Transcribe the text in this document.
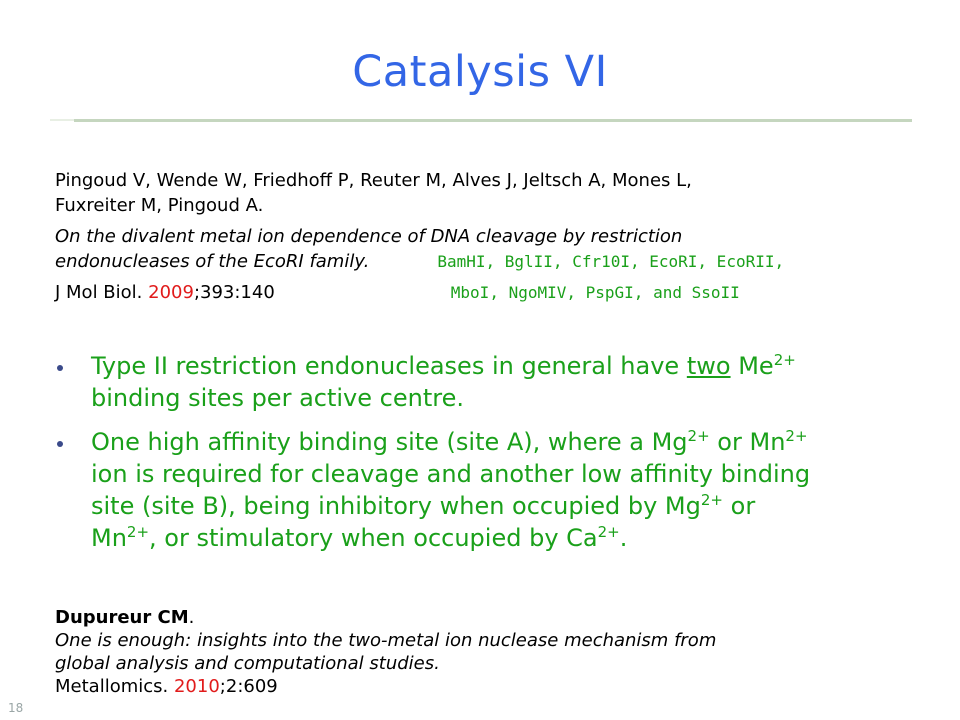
Catalysis VI
Pingoud V, Wende W, Friedhoff P, Reuter M, Alves J, Jeltsch A, Mones L,
Fuxreiter M, Pingoud A.
On the divalent metal ion dependence of DNA cleavage by restriction
endonucleases of the EcoRI family.	BamHI, BglII, Cfr10I, EcoRI, EcoRII,
J Mol Biol. 2009;393:140	MboI, NgoMIV, PspGI, and SsoII
Type II restriction endonucleases in general have two $Me^{2+}$
binding sites per active centre.
One high affinity binding site (site A), where a $Mg^{2+}$ or $Mn^{2+}$
ion is required for cleavage and another low affinity binding
site (site B), being inhibitory when occupied by $Mg^{2+}$ or
$Mn^{2+}$, or stimulatory when occupied by $Ca^{2+}$.
Dupureur CM.
One is enough: insights into the two-metal ion nuclease mechanism from
global analysis and computational studies.
Metallomics. 2010;2:609
18
